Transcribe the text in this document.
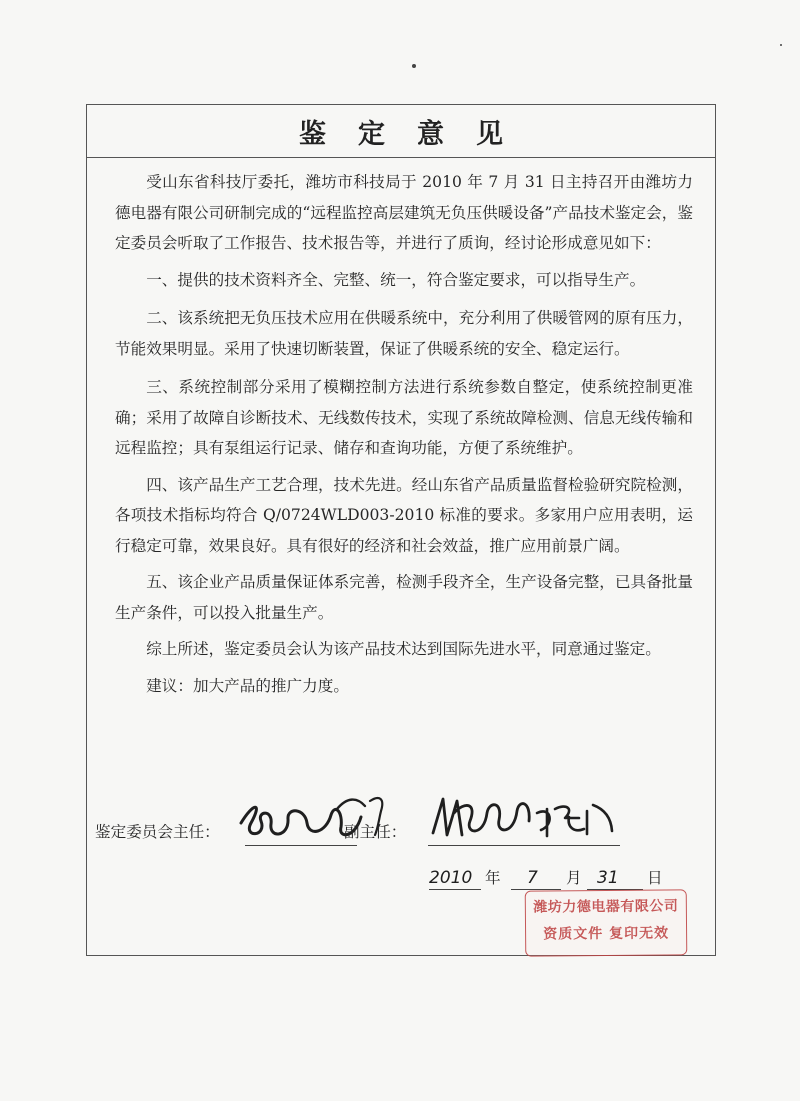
鉴定意见

受山东省科技厅委托，潍坊市科技局于 2010 年 7 月 31 日主持召开由潍坊力德电器有限公司研制完成的“远程监控高层建筑无负压供暖设备”产品技术鉴定会，鉴定委员会听取了工作报告、技术报告等，并进行了质询，经讨论形成意见如下：

一、提供的技术资料齐全、完整、统一，符合鉴定要求，可以指导生产。

二、该系统把无负压技术应用在供暖系统中，充分利用了供暖管网的原有压力，节能效果明显。采用了快速切断装置，保证了供暖系统的安全、稳定运行。

三、系统控制部分采用了模糊控制方法进行系统参数自整定，使系统控制更准确；采用了故障自诊断技术、无线数传技术，实现了系统故障检测、信息无线传输和远程监控；具有泵组运行记录、储存和查询功能，方便了系统维护。

四、该产品生产工艺合理，技术先进。经山东省产品质量监督检验研究院检测，各项技术指标均符合 Q/0724WLD003-2010 标准的要求。多家用户应用表明，运行稳定可靠，效果良好。具有很好的经济和社会效益，推广应用前景广阔。

五、该企业产品质量保证体系完善，检测手段齐全，生产设备完整，已具备批量生产条件，可以投入批量生产。

综上所述，鉴定委员会认为该产品技术达到国际先进水平，同意通过鉴定。

建议：加大产品的推广力度。

鉴定委员会主任：	副主任：
2010 年 7 月 31 日
潍坊力德电器有限公司
资质文件 复印无效
